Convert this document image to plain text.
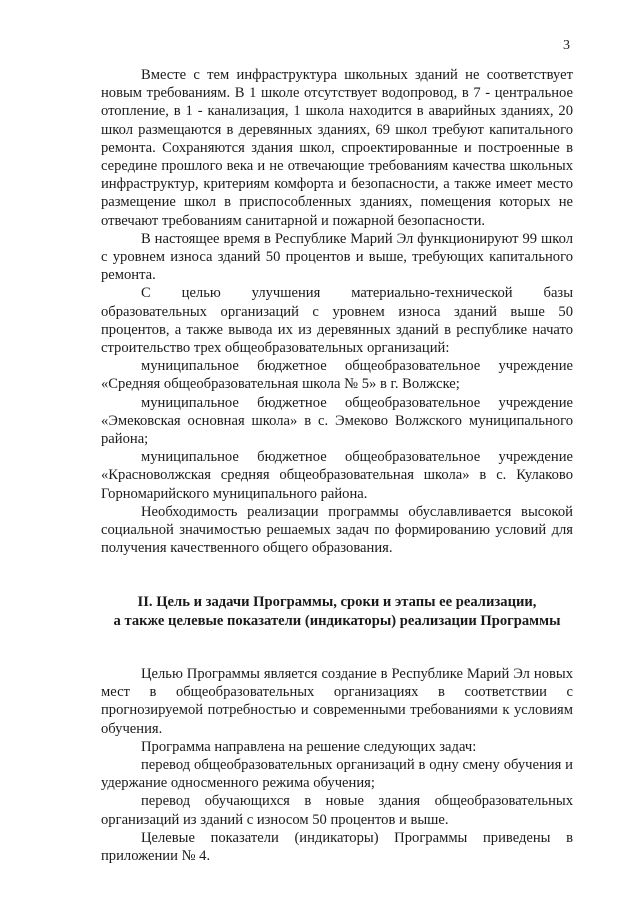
3

Вместе с тем инфраструктура школьных зданий не соответствует новым требованиям. В 1 школе отсутствует водопровод, в 7 - центральное отопление, в 1 - канализация, 1 школа находится в аварийных зданиях, 20 школ размещаются в деревянных зданиях, 69 школ требуют капитального ремонта. Сохраняются здания школ, спроектированные и построенные в середине прошлого века и не отвечающие требованиям качества школьных инфраструктур, критериям комфорта и безопасности, а также имеет место размещение школ в приспособленных зданиях, помещения которых не отвечают требованиям санитарной и пожарной безопасности.

В настоящее время в Республике Марий Эл функционируют 99 школ с уровнем износа зданий 50 процентов и выше, требующих капитального ремонта.

С целью улучшения материально-технической базы образовательных организаций с уровнем износа зданий выше 50 процентов, а также вывода их из деревянных зданий в республике начато строительство трех общеобразовательных организаций:

муниципальное бюджетное общеобразовательное учреждение «Средняя общеобразовательная школа № 5» в г. Волжске;

муниципальное бюджетное общеобразовательное учреждение «Эмековская основная школа» в с. Эмеково Волжского муниципального района;

муниципальное бюджетное общеобразовательное учреждение «Красноволжская средняя общеобразовательная школа» в с. Кулаково Горномарийского муниципального района.

Необходимость реализации программы обуславливается высокой социальной значимостью решаемых задач по формированию условий для получения качественного общего образования.

II. Цель и задачи Программы, сроки и этапы ее реализации,

а также целевые показатели (индикаторы) реализации Программы

Целью Программы является создание в Республике Марий Эл новых мест в общеобразовательных организациях в соответствии с прогнозируемой потребностью и современными требованиями к условиям обучения.

Программа направлена на решение следующих задач:

перевод общеобразовательных организаций в одну смену обучения и удержание односменного режима обучения;

перевод обучающихся в новые здания общеобразовательных организаций из зданий с износом 50 процентов и выше.

Целевые показатели (индикаторы) Программы приведены в приложении № 4.
